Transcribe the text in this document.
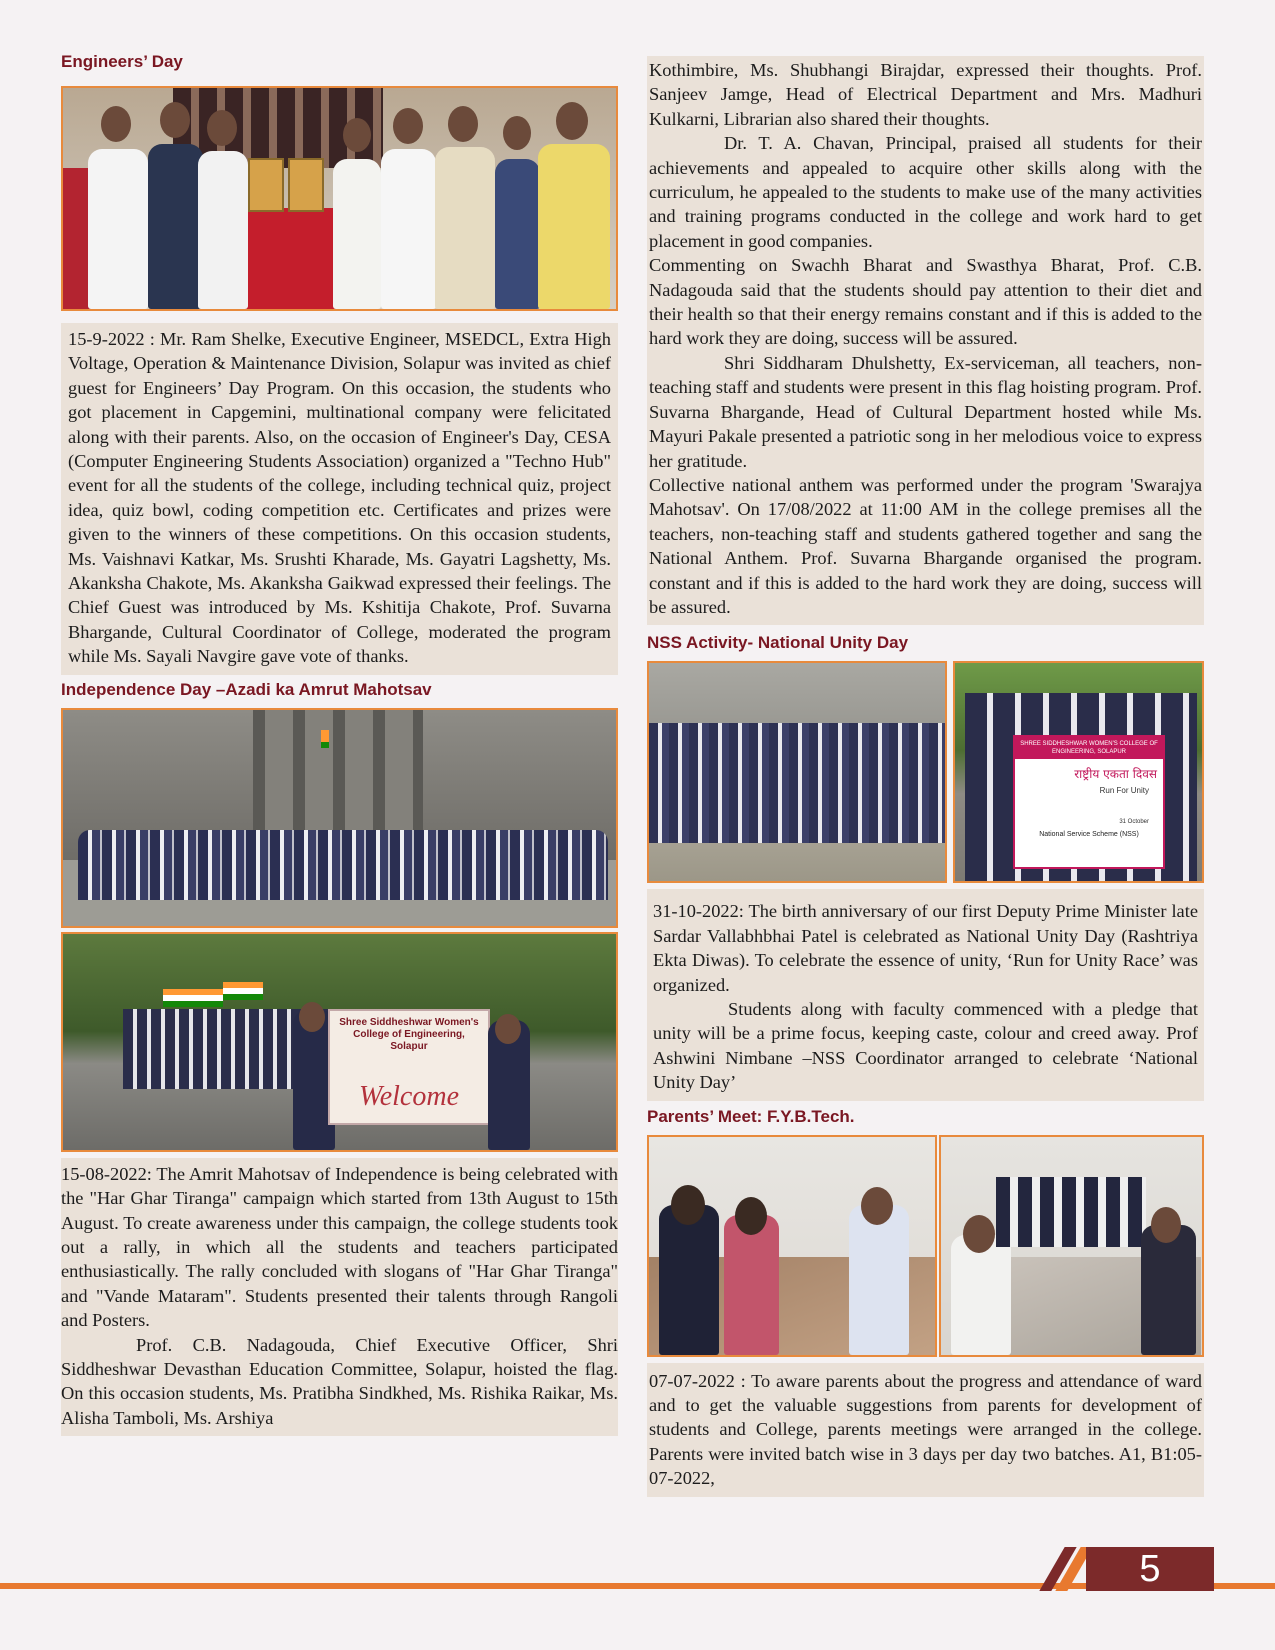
Engineers’ Day

15-9-2022 : Mr. Ram Shelke, Executive Engineer, MSEDCL, Extra High Voltage, Operation & Maintenance Division, Solapur was invited as chief guest for Engineers’ Day Program. On this occasion, the students who got placement in Capgemini, multinational company were felicitated along with their parents. Also, on the occasion of Engineer's Day, CESA (Computer Engineering Students Association) organized a "Techno Hub" event for all the students of the college, including technical quiz, project idea, quiz bowl, coding competition etc. Certificates and prizes were given to the winners of these competitions. On this occasion students, Ms. Vaishnavi Katkar, Ms. Srushti Kharade, Ms. Gayatri Lagshetty, Ms. Akanksha Chakote, Ms. Akanksha Gaikwad expressed their feelings. The Chief Guest was introduced by Ms. Kshitija Chakote, Prof. Suvarna Bhargande, Cultural Coordinator of College, moderated the program while Ms. Sayali Navgire gave vote of thanks.

Independence Day –Azadi ka Amrut Mahotsav
Shree Siddheshwar Women's College of Engineering, Solapur
Welcome

15-08-2022: The Amrit Mahotsav of Independence is being celebrated with the "Har Ghar Tiranga" campaign which started from 13th August to 15th August. To create awareness under this campaign, the college students took out a rally, in which all the students and teachers participated enthusiastically. The rally concluded with slogans of "Har Ghar Tiranga" and "Vande Mataram". Students presented their talents through Rangoli and Posters.

Prof. C.B. Nadagouda, Chief Executive Officer, Shri Siddheshwar Devasthan Education Committee, Solapur, hoisted the flag. On this occasion students, Ms. Pratibha Sindkhed, Ms. Rishika Raikar, Ms. Alisha Tamboli, Ms. Arshiya

Kothimbire, Ms. Shubhangi Birajdar, expressed their thoughts. Prof. Sanjeev Jamge, Head of Electrical Department and Mrs. Madhuri Kulkarni, Librarian also shared their thoughts.

Dr. T. A. Chavan, Principal, praised all students for their achievements and appealed to acquire other skills along with the curriculum, he appealed to the students to make use of the many activities and training programs conducted in the college and work hard to get placement in good companies.

Commenting on Swachh Bharat and Swasthya Bharat, Prof. C.B. Nadagouda said that the students should pay attention to their diet and their health so that their energy remains constant and if this is added to the hard work they are doing, success will be assured.

Shri Siddharam Dhulshetty, Ex-serviceman, all teachers, non-teaching staff and students were present in this flag hoisting program. Prof. Suvarna Bhargande, Head of Cultural Department hosted while Ms. Mayuri Pakale presented a patriotic song in her melodious voice to express her gratitude.

Collective national anthem was performed under the program 'Swarajya Mahotsav'. On 17/08/2022 at 11:00 AM in the college premises all the teachers, non-teaching staff and students gathered together and sang the National Anthem. Prof. Suvarna Bhargande organised the program. constant and if this is added to the hard work they are doing, success will be assured.

NSS Activity- National Unity Day
SHREE SIDDHESHWAR WOMEN'S COLLEGE OF ENGINEERING, SOLAPUR
राष्ट्रीय एकता दिवस
Run For Unity
31 October
National Service Scheme (NSS)

31-10-2022: The birth anniversary of our first Deputy Prime Minister late Sardar Vallabhbhai Patel is celebrated as National Unity Day (Rashtriya Ekta Diwas). To celebrate the essence of unity, ‘Run for Unity Race’ was organized.

Students along with faculty commenced with a pledge that unity will be a prime focus, keeping caste, colour and creed away. Prof Ashwini Nimbane –NSS Coordinator arranged to celebrate ‘National Unity Day’

Parents’ Meet: F.Y.B.Tech.

07-07-2022 : To aware parents about the progress and attendance of ward and to get the valuable suggestions from parents for development of students and College, parents meetings were arranged in the college. Parents were invited batch wise in 3 days per day two batches. A1, B1:05-07-2022,

5
